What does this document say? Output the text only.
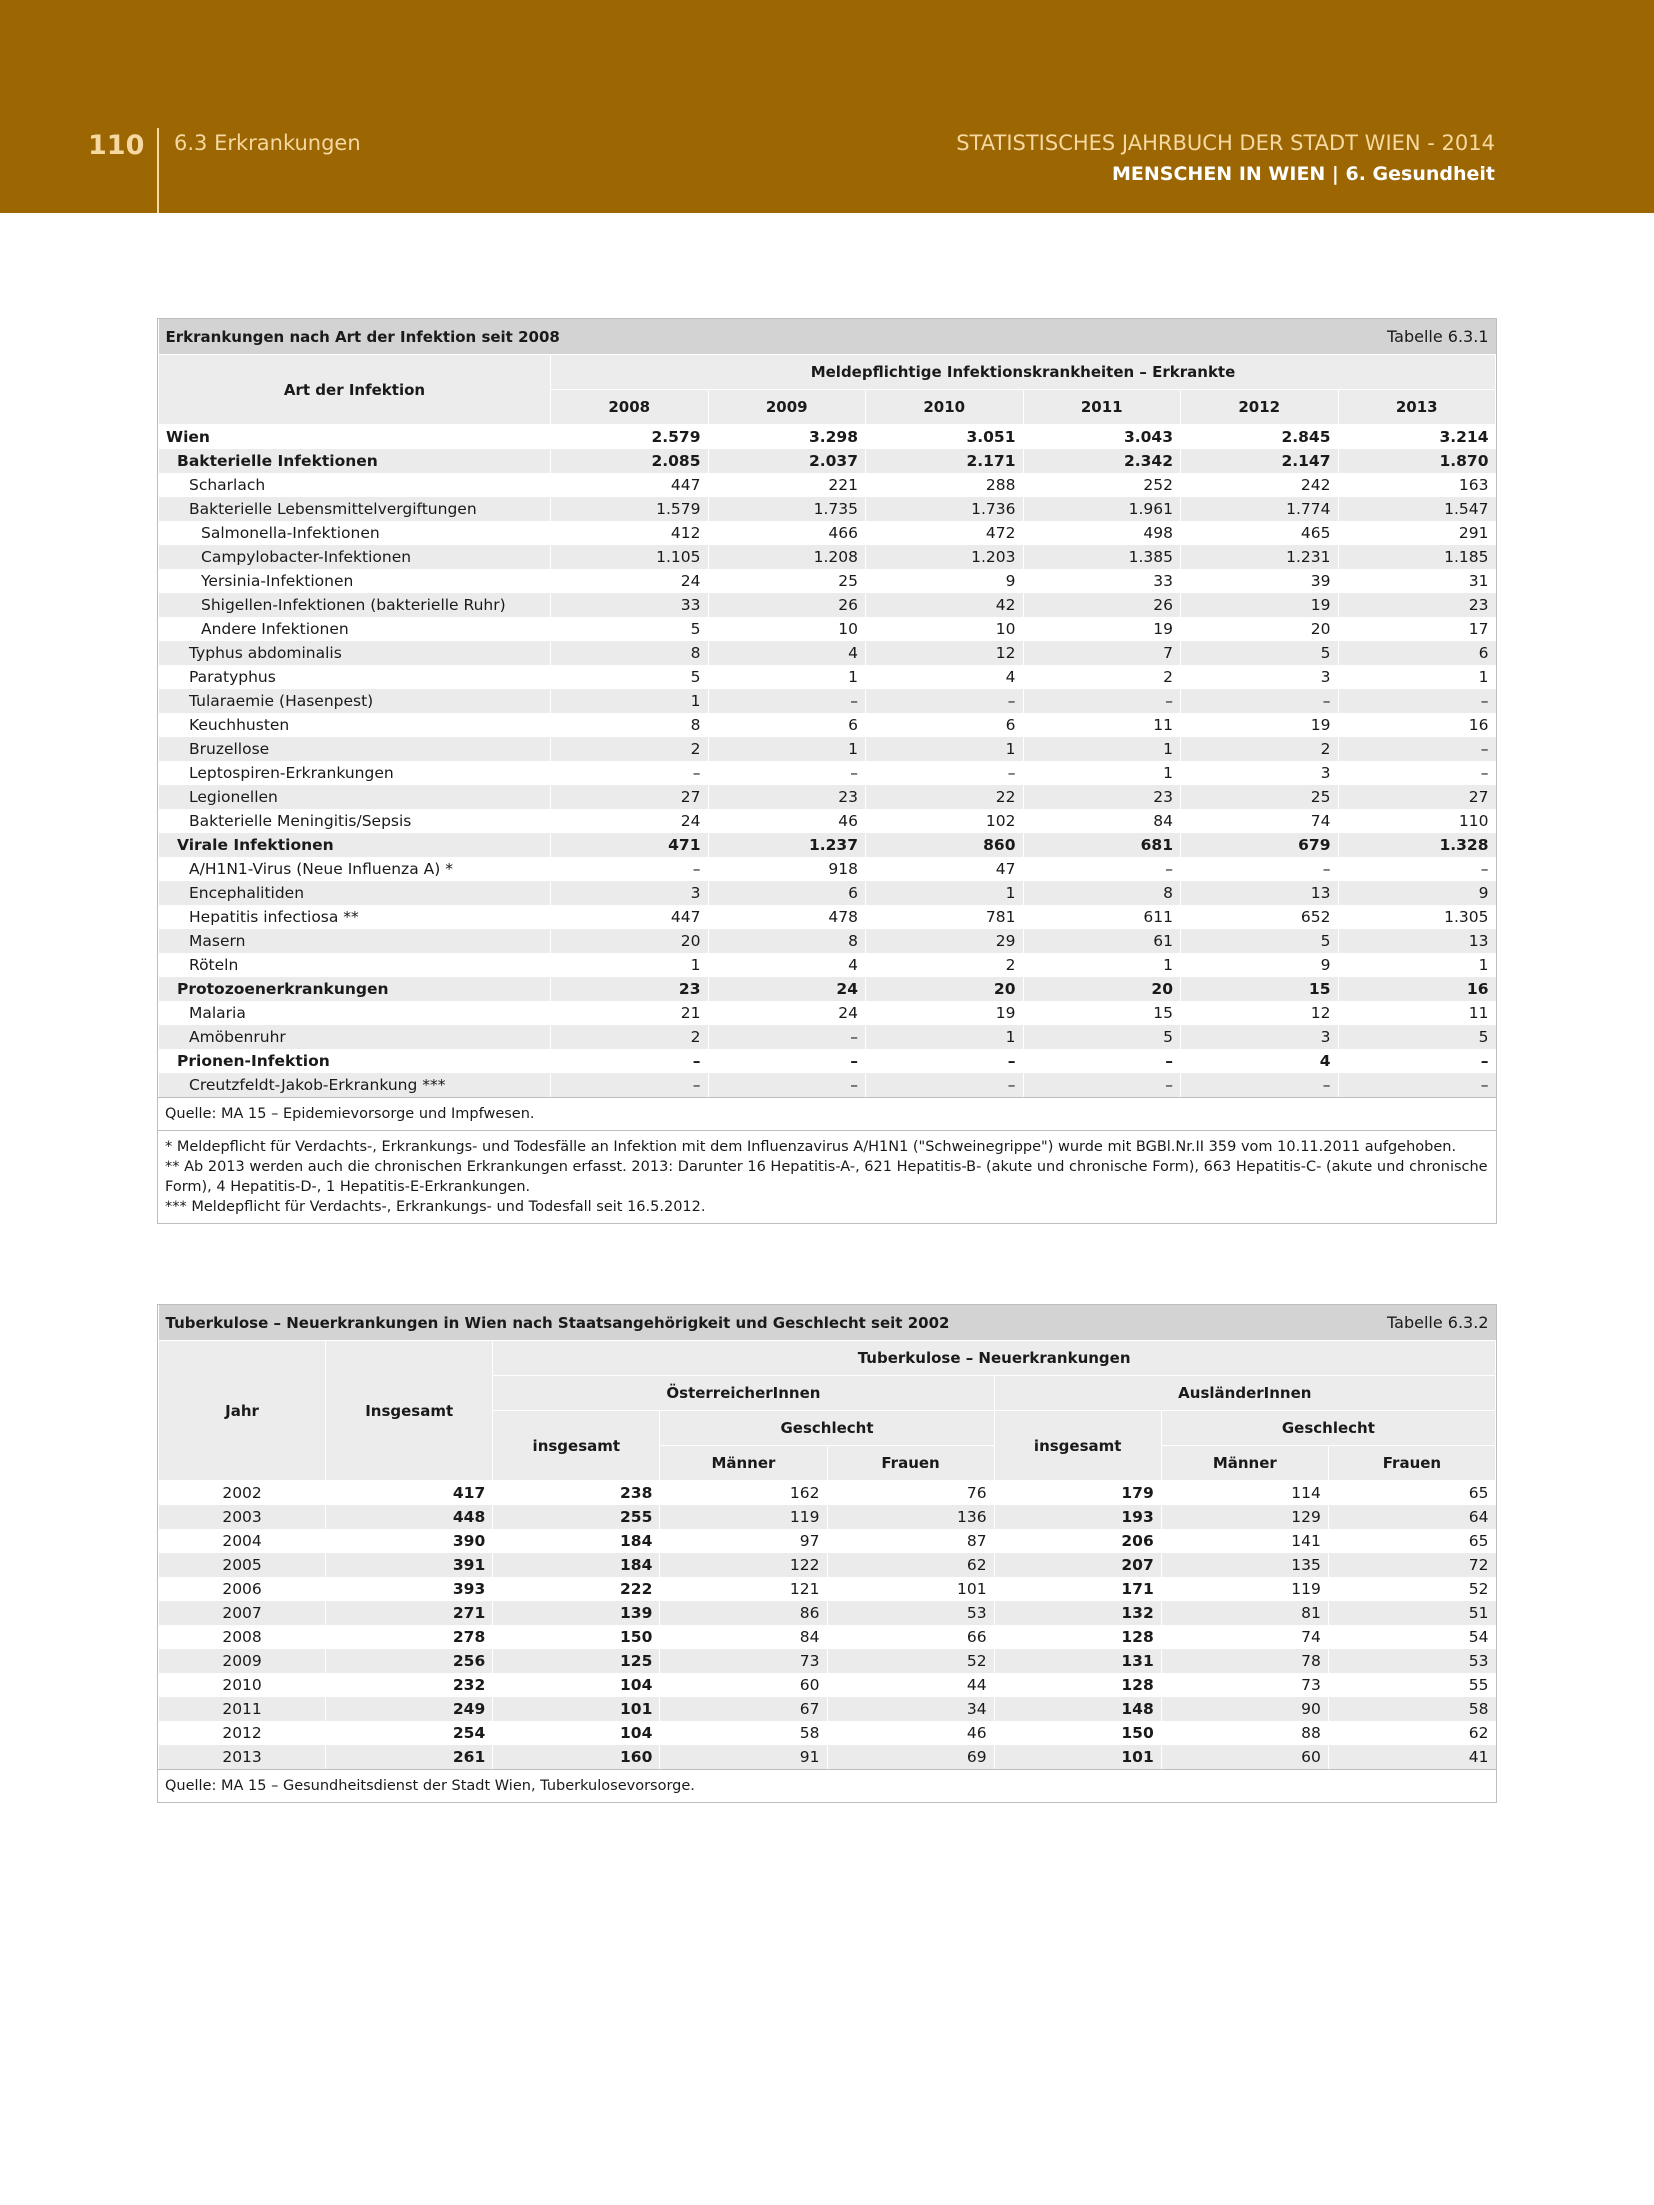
110 6.3 Erkrankungen	STATISTISCHES JAHRBUCH DER STADT WIEN - 2014
MENSCHEN IN WIEN | 6. Gesundheit
Erkrankungen nach Art der Infektion seit 2008					Tabelle 6.3.1	
Art der Infektion	Meldepflichtige Infektionskrankheiten – Erkrankte					
	2008	2009	2010	2011	2012	2013
Wien	2.579	3.298	3.051	3.043	2.845	3.214
Bakterielle Infektionen	2.085	2.037	2.171	2.342	2.147	1.870
Scharlach	447	221	288	252	242	163
Bakterielle Lebensmittelvergiftungen	1.579	1.735	1.736	1.961	1.774	1.547
Salmonella-Infektionen	412	466	472	498	465	291
Campylobacter-Infektionen	1.105	1.208	1.203	1.385	1.231	1.185
Yersinia-Infektionen	24	25	9	33	39	31
Shigellen-Infektionen (bakterielle Ruhr)	33	26	42	26	19	23
Andere Infektionen	5	10	10	19	20	17
Typhus abdominalis	8	4	12	7	5	6
Paratyphus	5	1	4	2	3	1
Tularaemie (Hasenpest)	1	–	–	–	–	–
Keuchhusten	8	6	6	11	19	16
Bruzellose	2	1	1	1	2	–
Leptospiren-Erkrankungen	–	–	–	1	3	–
Legionellen	27	23	22	23	25	27
Bakterielle Meningitis/Sepsis	24	46	102	84	74	110
Virale Infektionen	471	1.237	860	681	679	1.328
A/H1N1-Virus (Neue Influenza A) *	–	918	47	–	–	–
Encephalitiden	3	6	1	8	13	9
Hepatitis infectiosa **	447	478	781	611	652	1.305
Masern	20	8	29	61	5	13
Röteln	1	4	2	1	9	1
Protozoenerkrankungen	23	24	20	20	15	16
Malaria	21	24	19	15	12	11
Amöbenruhr	2	–	1	5	3	5
Prionen-Infektion	–	–	–	–	4	–
Creutzfeldt-Jakob-Erkrankung ***	–	–	–	–	–	–
Quelle: MA 15 – Epidemievorsorge und Impfwesen.
* Meldepflicht für Verdachts-, Erkrankungs- und Todesfälle an Infektion mit dem Influenzavirus A/H1N1 ("Schweinegrippe") wurde mit BGBl.Nr.II 359 vom 10.11.2011 aufgehoben.
** Ab 2013 werden auch die chronischen Erkrankungen erfasst. 2013: Darunter 16 Hepatitis-A-, 621 Hepatitis-B- (akute und chronische Form), 663 Hepatitis-C- (akute und chronische Form), 4 Hepatitis-D-, 1 Hepatitis-E-Erkrankungen.
*** Meldepflicht für Verdachts-, Erkrankungs- und Todesfall seit 16.5.2012.
Tuberkulose – Neuerkrankungen in Wien nach Staatsangehörigkeit und Geschlecht seit 2002						Tabelle 6.3.2	
Jahr	Insgesamt	Tuberkulose – Neuerkrankungen					
		ÖsterreicherInnen			AusländerInnen		
		insgesamt	Geschlecht		insgesamt	Geschlecht	
			Männer	Frauen		Männer	Frauen
2002	417	238	162	76	179	114	65
2003	448	255	119	136	193	129	64
2004	390	184	97	87	206	141	65
2005	391	184	122	62	207	135	72
2006	393	222	121	101	171	119	52
2007	271	139	86	53	132	81	51
2008	278	150	84	66	128	74	54
2009	256	125	73	52	131	78	53
2010	232	104	60	44	128	73	55
2011	249	101	67	34	148	90	58
2012	254	104	58	46	150	88	62
2013	261	160	91	69	101	60	41
Quelle: MA 15 – Gesundheitsdienst der Stadt Wien, Tuberkulosevorsorge.
